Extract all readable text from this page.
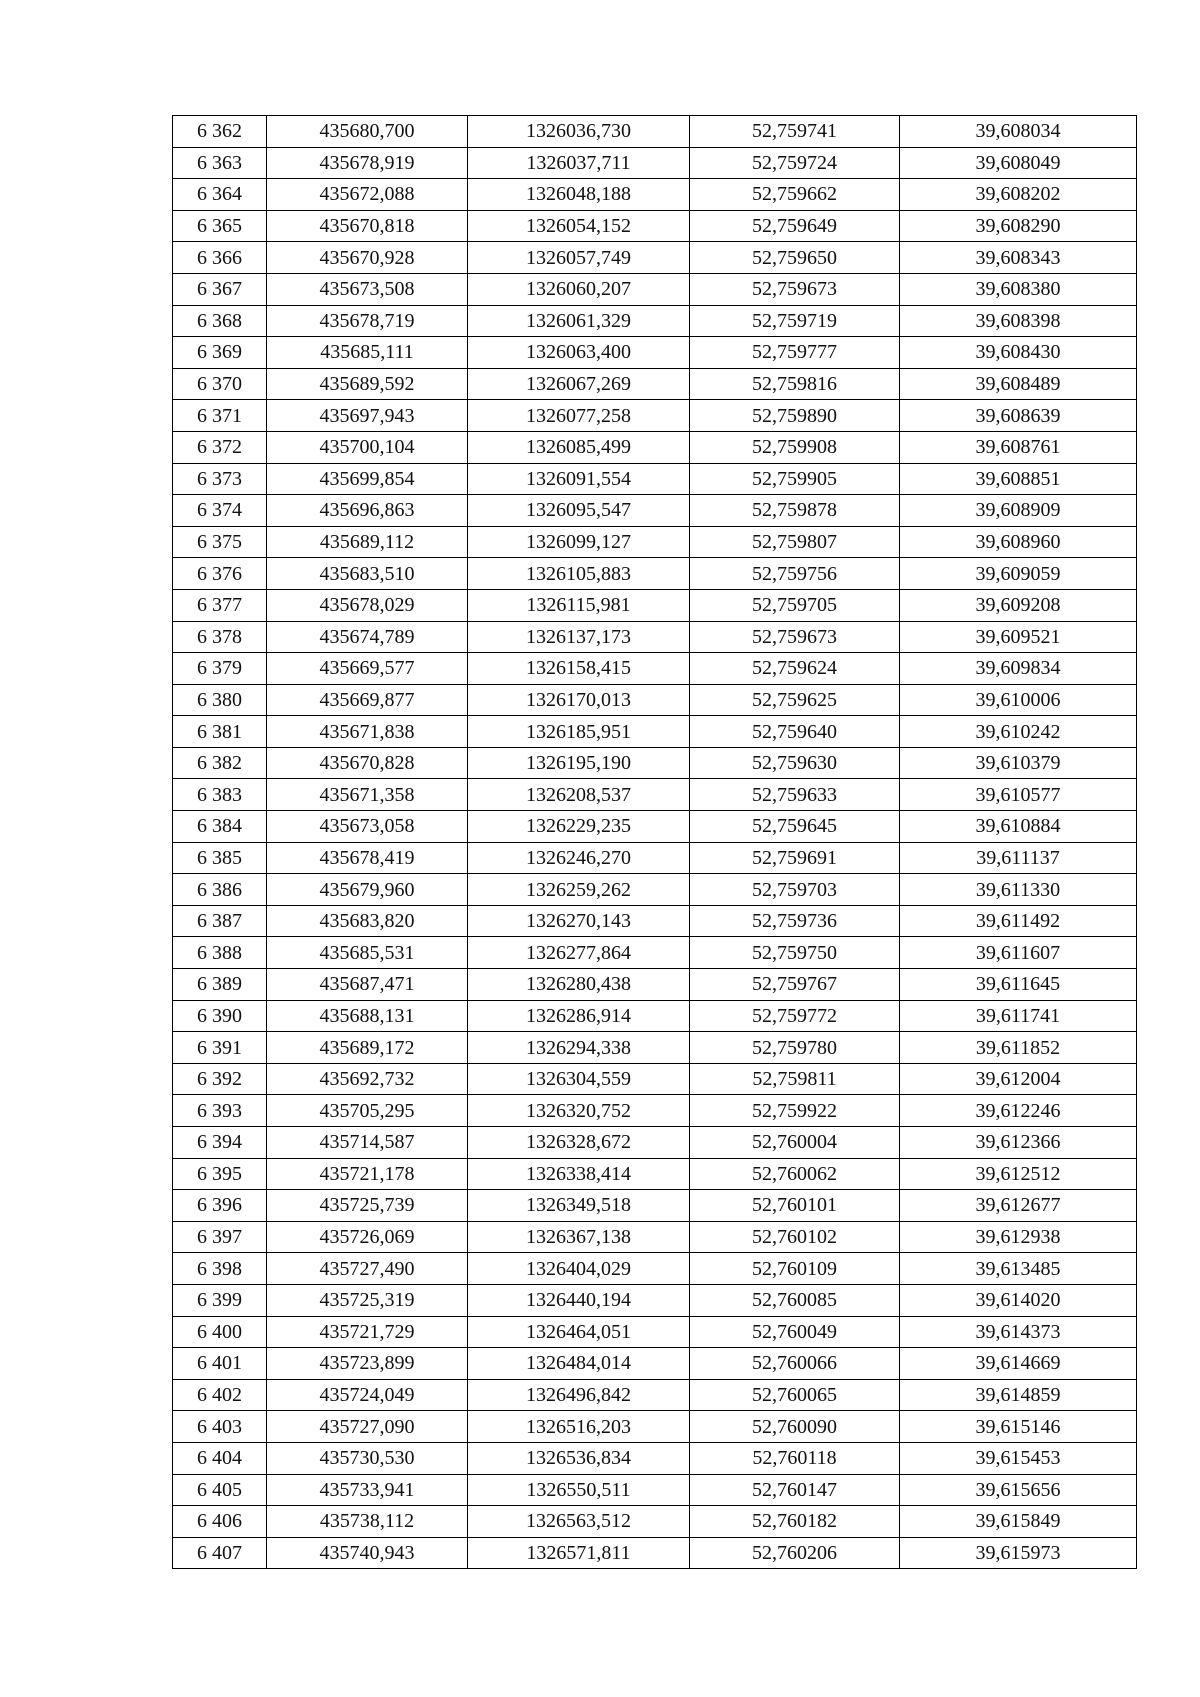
6 362	435680,700	1326036,730	52,759741	39,608034
6 363	435678,919	1326037,711	52,759724	39,608049
6 364	435672,088	1326048,188	52,759662	39,608202
6 365	435670,818	1326054,152	52,759649	39,608290
6 366	435670,928	1326057,749	52,759650	39,608343
6 367	435673,508	1326060,207	52,759673	39,608380
6 368	435678,719	1326061,329	52,759719	39,608398
6 369	435685,111	1326063,400	52,759777	39,608430
6 370	435689,592	1326067,269	52,759816	39,608489
6 371	435697,943	1326077,258	52,759890	39,608639
6 372	435700,104	1326085,499	52,759908	39,608761
6 373	435699,854	1326091,554	52,759905	39,608851
6 374	435696,863	1326095,547	52,759878	39,608909
6 375	435689,112	1326099,127	52,759807	39,608960
6 376	435683,510	1326105,883	52,759756	39,609059
6 377	435678,029	1326115,981	52,759705	39,609208
6 378	435674,789	1326137,173	52,759673	39,609521
6 379	435669,577	1326158,415	52,759624	39,609834
6 380	435669,877	1326170,013	52,759625	39,610006
6 381	435671,838	1326185,951	52,759640	39,610242
6 382	435670,828	1326195,190	52,759630	39,610379
6 383	435671,358	1326208,537	52,759633	39,610577
6 384	435673,058	1326229,235	52,759645	39,610884
6 385	435678,419	1326246,270	52,759691	39,611137
6 386	435679,960	1326259,262	52,759703	39,611330
6 387	435683,820	1326270,143	52,759736	39,611492
6 388	435685,531	1326277,864	52,759750	39,611607
6 389	435687,471	1326280,438	52,759767	39,611645
6 390	435688,131	1326286,914	52,759772	39,611741
6 391	435689,172	1326294,338	52,759780	39,611852
6 392	435692,732	1326304,559	52,759811	39,612004
6 393	435705,295	1326320,752	52,759922	39,612246
6 394	435714,587	1326328,672	52,760004	39,612366
6 395	435721,178	1326338,414	52,760062	39,612512
6 396	435725,739	1326349,518	52,760101	39,612677
6 397	435726,069	1326367,138	52,760102	39,612938
6 398	435727,490	1326404,029	52,760109	39,613485
6 399	435725,319	1326440,194	52,760085	39,614020
6 400	435721,729	1326464,051	52,760049	39,614373
6 401	435723,899	1326484,014	52,760066	39,614669
6 402	435724,049	1326496,842	52,760065	39,614859
6 403	435727,090	1326516,203	52,760090	39,615146
6 404	435730,530	1326536,834	52,760118	39,615453
6 405	435733,941	1326550,511	52,760147	39,615656
6 406	435738,112	1326563,512	52,760182	39,615849
6 407	435740,943	1326571,811	52,760206	39,615973
